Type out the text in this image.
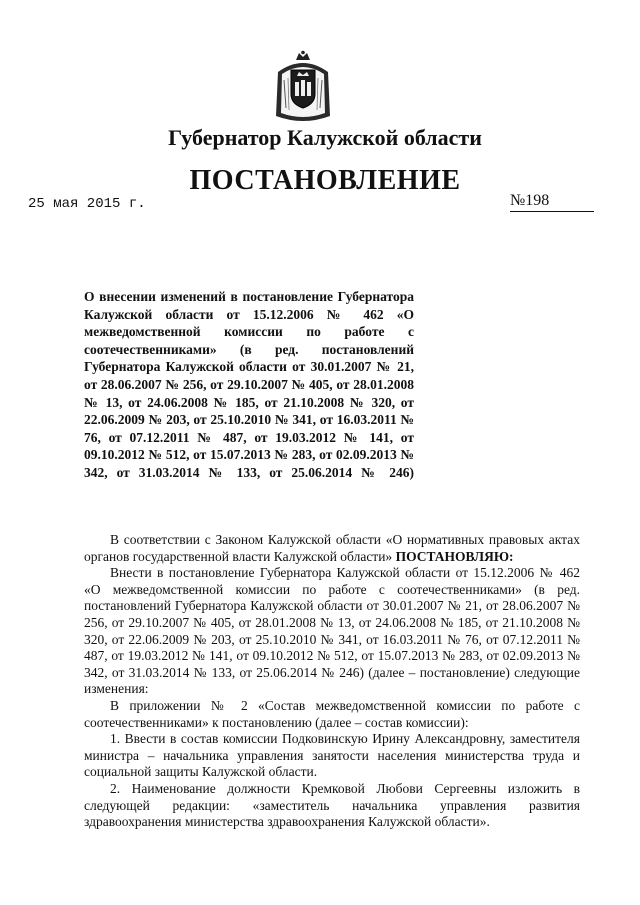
Губернатор Калужской области
ПОСТАНОВЛЕНИЕ
25 мая 2015 г.	№198
О внесении изменений в постановление Губернатора Калужской области от 15.12.2006 № 462 «О межведомственной комиссии по работе с соотечественниками» (в ред. постановлений Губернатора Калужской области от 30.01.2007 № 21, от 28.06.2007 № 256, от 29.10.2007 № 405, от 28.01.2008 № 13, от 24.06.2008 № 185, от 21.10.2008 № 320, от 22.06.2009 № 203, от 25.10.2010 № 341, от 16.03.2011 № 76, от 07.12.2011 № 487, от 19.03.2012 № 141, от 09.10.2012 № 512, от 15.07.2013 № 283, от 02.09.2013 № 342, от 31.03.2014 № 133, от 25.06.2014 № 246)

В соответствии с Законом Калужской области «О нормативных правовых актах органов государственной власти Калужской области» ПОСТАНОВЛЯЮ:

Внести в постановление Губернатора Калужской области от 15.12.2006 № 462 «О межведомственной комиссии по работе с соотечественниками» (в ред. постановлений Губернатора Калужской области от 30.01.2007 № 21, от 28.06.2007 № 256, от 29.10.2007 № 405, от 28.01.2008 № 13, от 24.06.2008 № 185, от 21.10.2008 № 320, от 22.06.2009 № 203, от 25.10.2010 № 341, от 16.03.2011 № 76, от 07.12.2011 № 487, от 19.03.2012 № 141, от 09.10.2012 № 512, от 15.07.2013 № 283, от 02.09.2013 № 342, от 31.03.2014 № 133, от 25.06.2014 № 246) (далее – постановление) следующие изменения:

В приложении № 2 «Состав межведомственной комиссии по работе с соотечественниками» к постановлению (далее – состав комиссии):

1. Ввести в состав комиссии Подковинскую Ирину Александровну, заместителя министра – начальника управления занятости населения министерства труда и социальной защиты Калужской области.

2. Наименование должности Кремковой Любови Сергеевны изложить в следующей редакции: «заместитель начальника управления развития здравоохранения министерства здравоохранения Калужской области».
